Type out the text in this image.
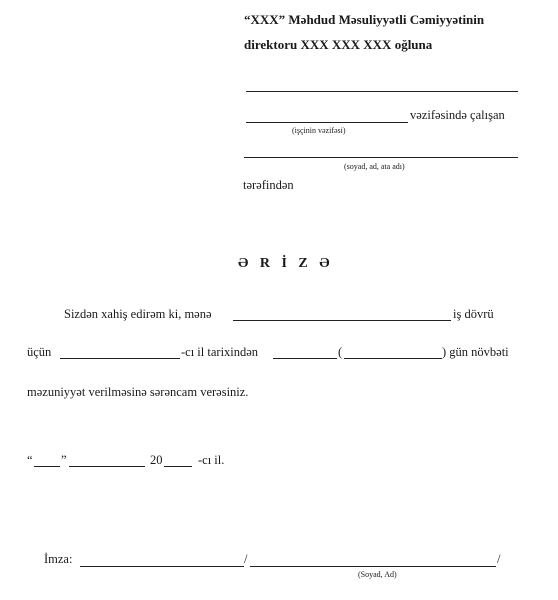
“XXX” Məhdud Məsuliyyətli Cəmiyyətinin
direktoru XXX XXX XXX oğluna
vəzifəsində çalışan
(işçinin vəzifəsi)
(soyad, ad, ata adı)
tərəfindən
Ə R İ Z Ə
Sizdən xahiş edirəm ki, mənə	iş dövrü
üçün	-cı il tarixindən	(	) gün növbəti
məzuniyyət verilməsinə sərəncam verəsiniz.
“ ”	20	-cı il.
İmza:	/	/
(Soyad, Ad)
